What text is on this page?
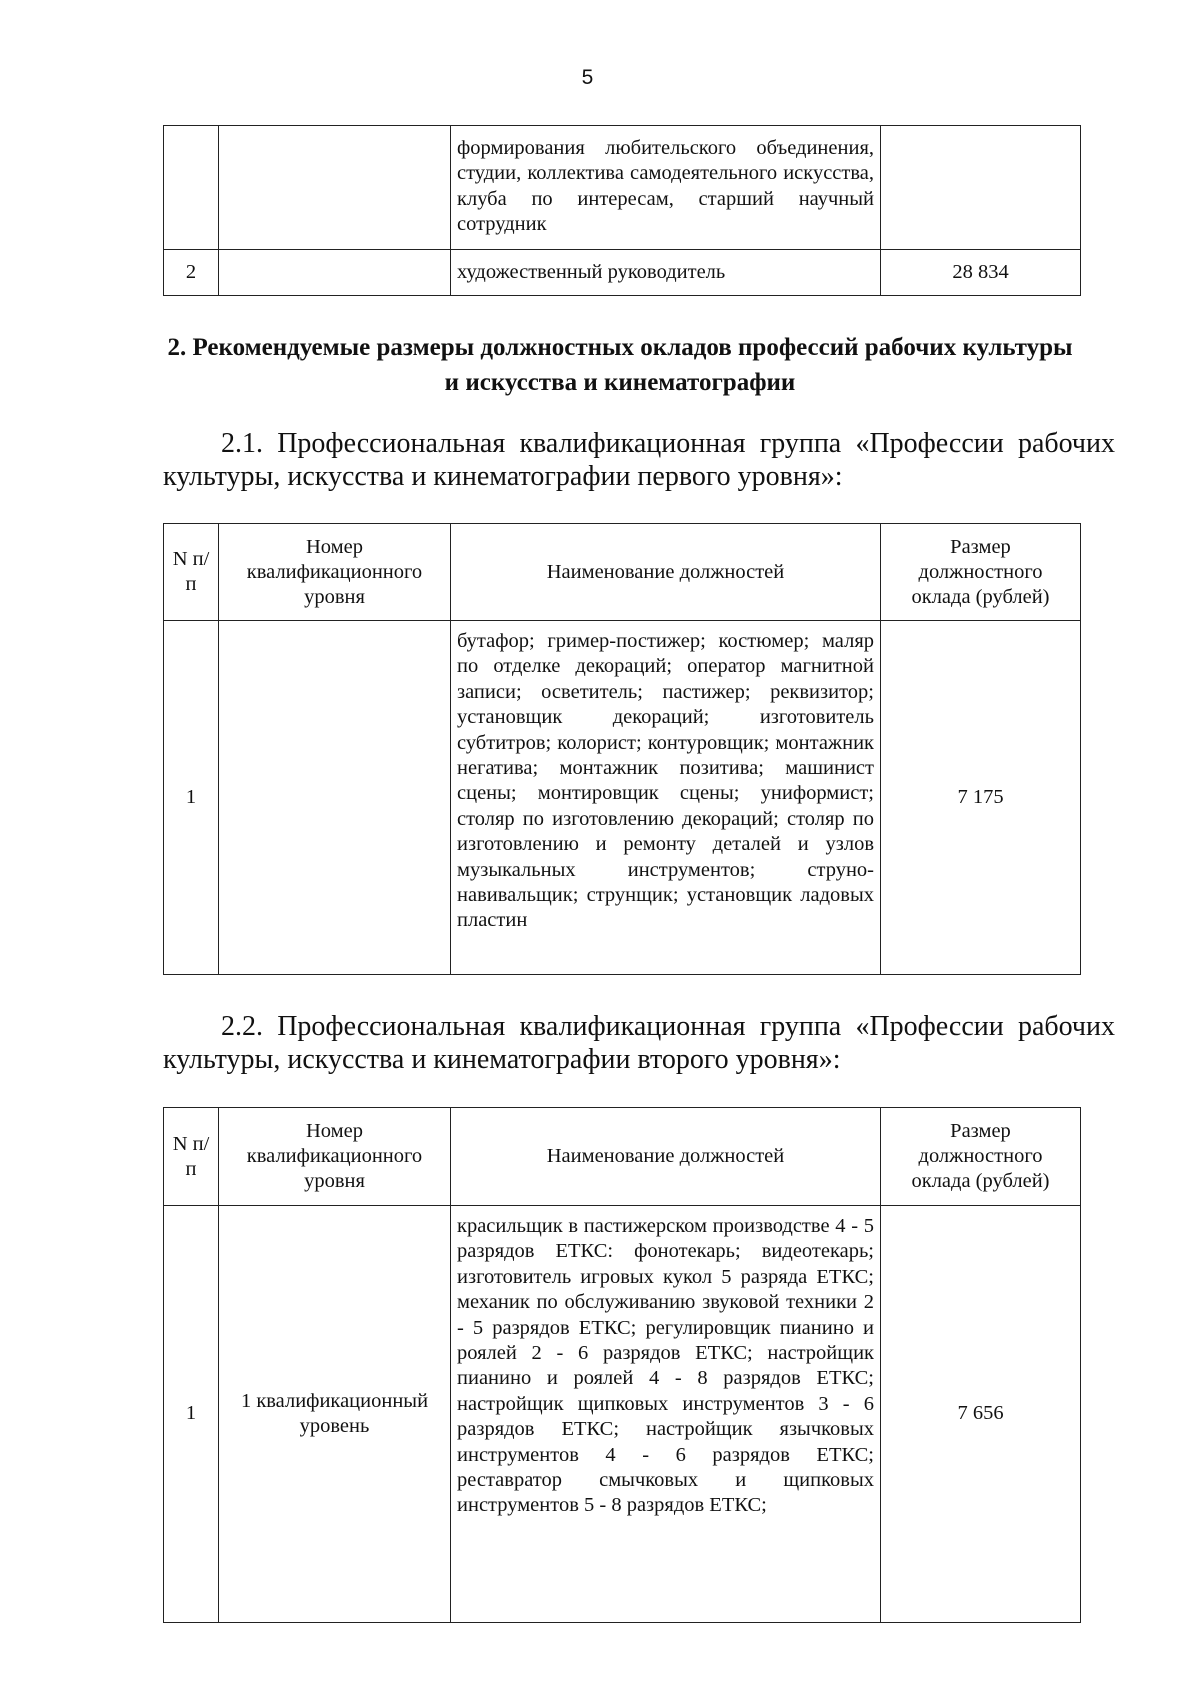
5
		формирования любительского объединения, студии, коллектива самодеятельного искусства, клуба по интересам, старший научный сотрудник	
2		художественный руководитель	28 834
2. Рекомендуемые размеры должностных окладов профессий рабочих культуры и искусства и кинематографии
2.1. Профессиональная квалификационная группа «Профессии рабочих культуры, искусства и кинематографии первого уровня»:
N п/п	Номер квалификационного уровня	Наименование должностей	Размер должностного оклада (рублей)
1		бутафор; гример-постижер; костюмер; маляр по отделке декораций; оператор магнитной записи; осветитель; пастижер; реквизитор; установщик декораций; изготовитель субтитров; колорист; контуровщик; монтажник негатива; монтажник позитива; машинист сцены; монтировщик сцены; униформист; столяр по изготовлению декораций; столяр по изготовлению и ремонту деталей и узлов музыкальных инструментов; струнонавивальщик; струнщик; установщик ладовых пластин	7 175
2.2. Профессиональная квалификационная группа «Профессии рабочих культуры, искусства и кинематографии второго уровня»:
N п/п	Номер квалификационного уровня	Наименование должностей	Размер должностного оклада (рублей)
1	1 квалификационный уровень	красильщик в пастижерском производстве 4 - 5 разрядов ЕТКС: фонотекарь; видеотекарь; изготовитель игровых кукол 5 разряда ЕТКС; механик по обслуживанию звуковой техники 2 - 5 разрядов ЕТКС; регулировщик пианино и роялей 2 - 6 разрядов ЕТКС; настройщик пианино и роялей 4 - 8 разрядов ЕТКС; настройщик щипковых инструментов 3 - 6 разрядов ЕТКС; настройщик язычковых инструментов 4 - 6 разрядов ЕТКС; реставратор смычковых и щипковых инструментов 5 - 8 разрядов ЕТКС;	7 656
